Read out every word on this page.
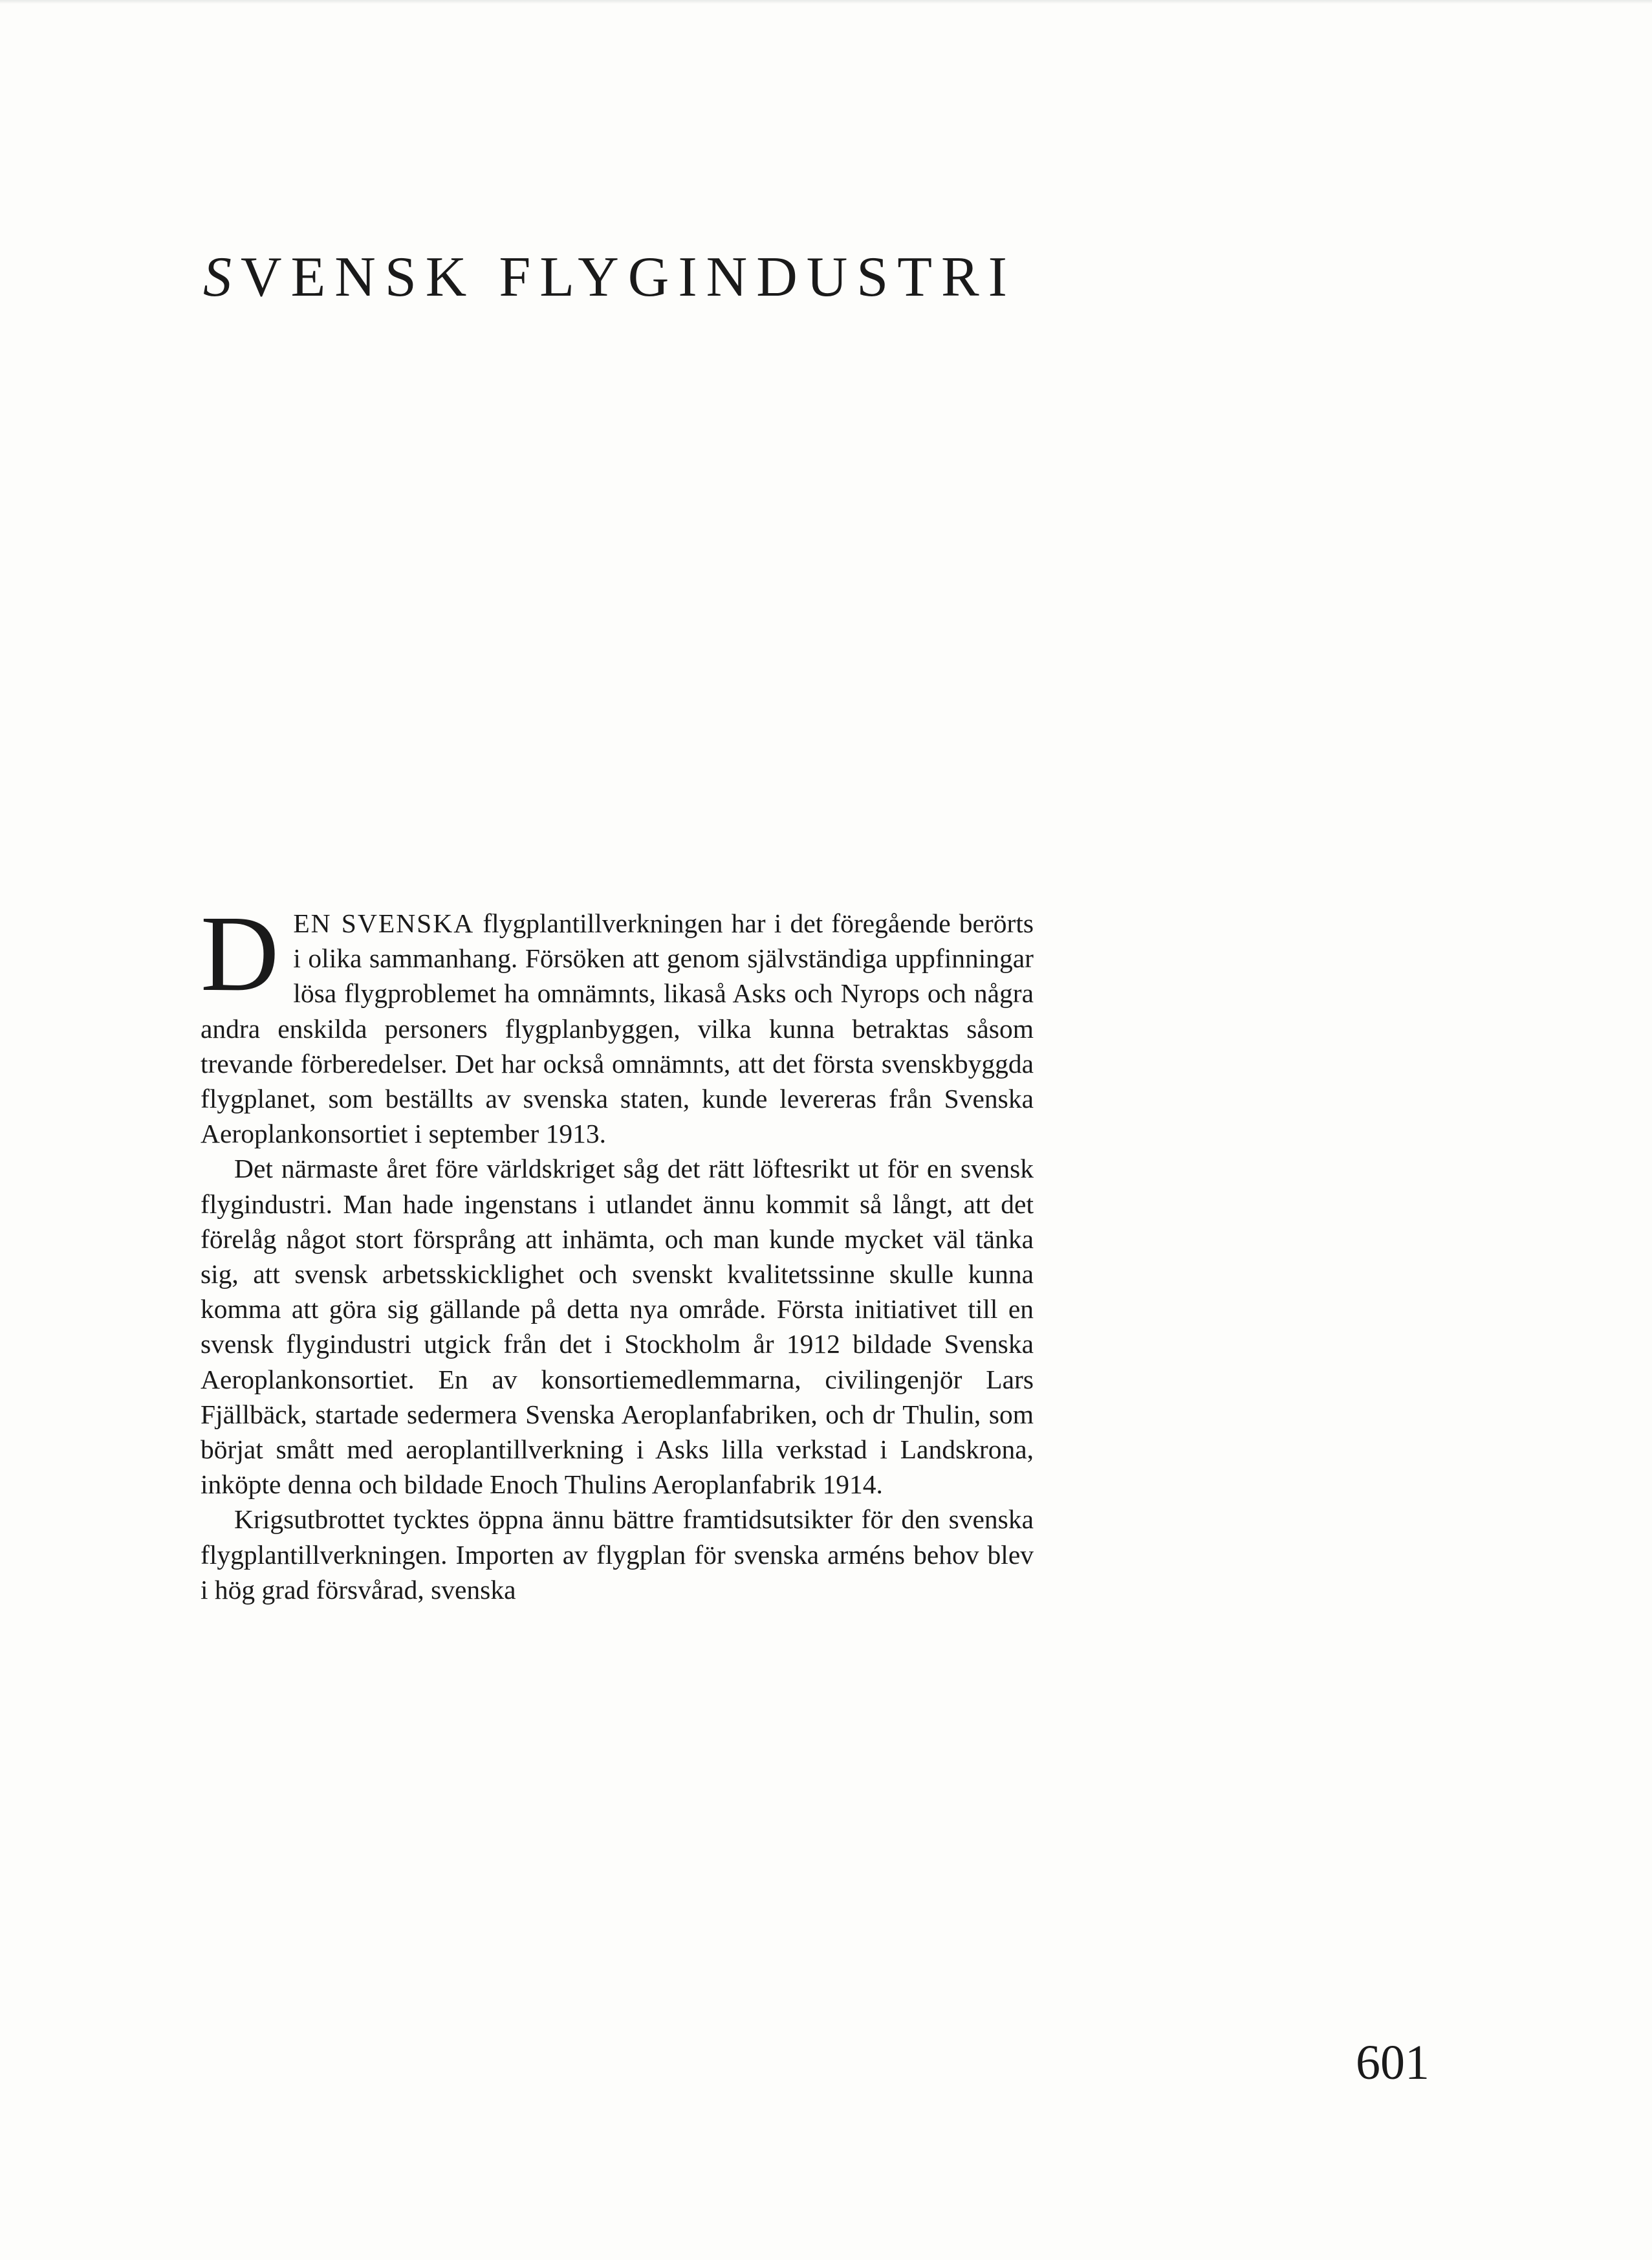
SVENSK FLYGINDUSTRI

DEN SVENSKA flygplantillverkningen har i det föregående berörts i olika sammanhang. Försöken att genom självständiga uppfinningar lösa flygproblemet ha omnämnts, likaså Asks och Nyrops och några andra enskilda personers flygplanbyggen, vilka kunna betraktas såsom trevande förberedelser. Det har också omnämnts, att det första svenskbyggda flygplanet, som beställts av svenska staten, kunde levereras från Svenska Aeroplankonsortiet i september 1913.

Det närmaste året före världskriget såg det rätt löftesrikt ut för en svensk flygindustri. Man hade ingenstans i utlandet ännu kommit så långt, att det förelåg något stort försprång att inhämta, och man kunde mycket väl tänka sig, att svensk arbetsskicklighet och svenskt kvalitetssinne skulle kunna komma att göra sig gällande på detta nya område. Första initiativet till en svensk flygindustri utgick från det i Stockholm år 1912 bildade Svenska Aeroplankonsortiet. En av konsortiemedlemmarna, civilingenjör Lars Fjällbäck, startade sedermera Svenska Aeroplanfabriken, och dr Thulin, som börjat smått med aeroplantillverkning i Asks lilla verkstad i Landskrona, inköpte denna och bildade Enoch Thulins Aeroplanfabrik 1914.

Krigsutbrottet tycktes öppna ännu bättre framtidsutsikter för den svenska flygplantillverkningen. Importen av flygplan för svenska arméns behov blev i hög grad försvårad, svenska

601
